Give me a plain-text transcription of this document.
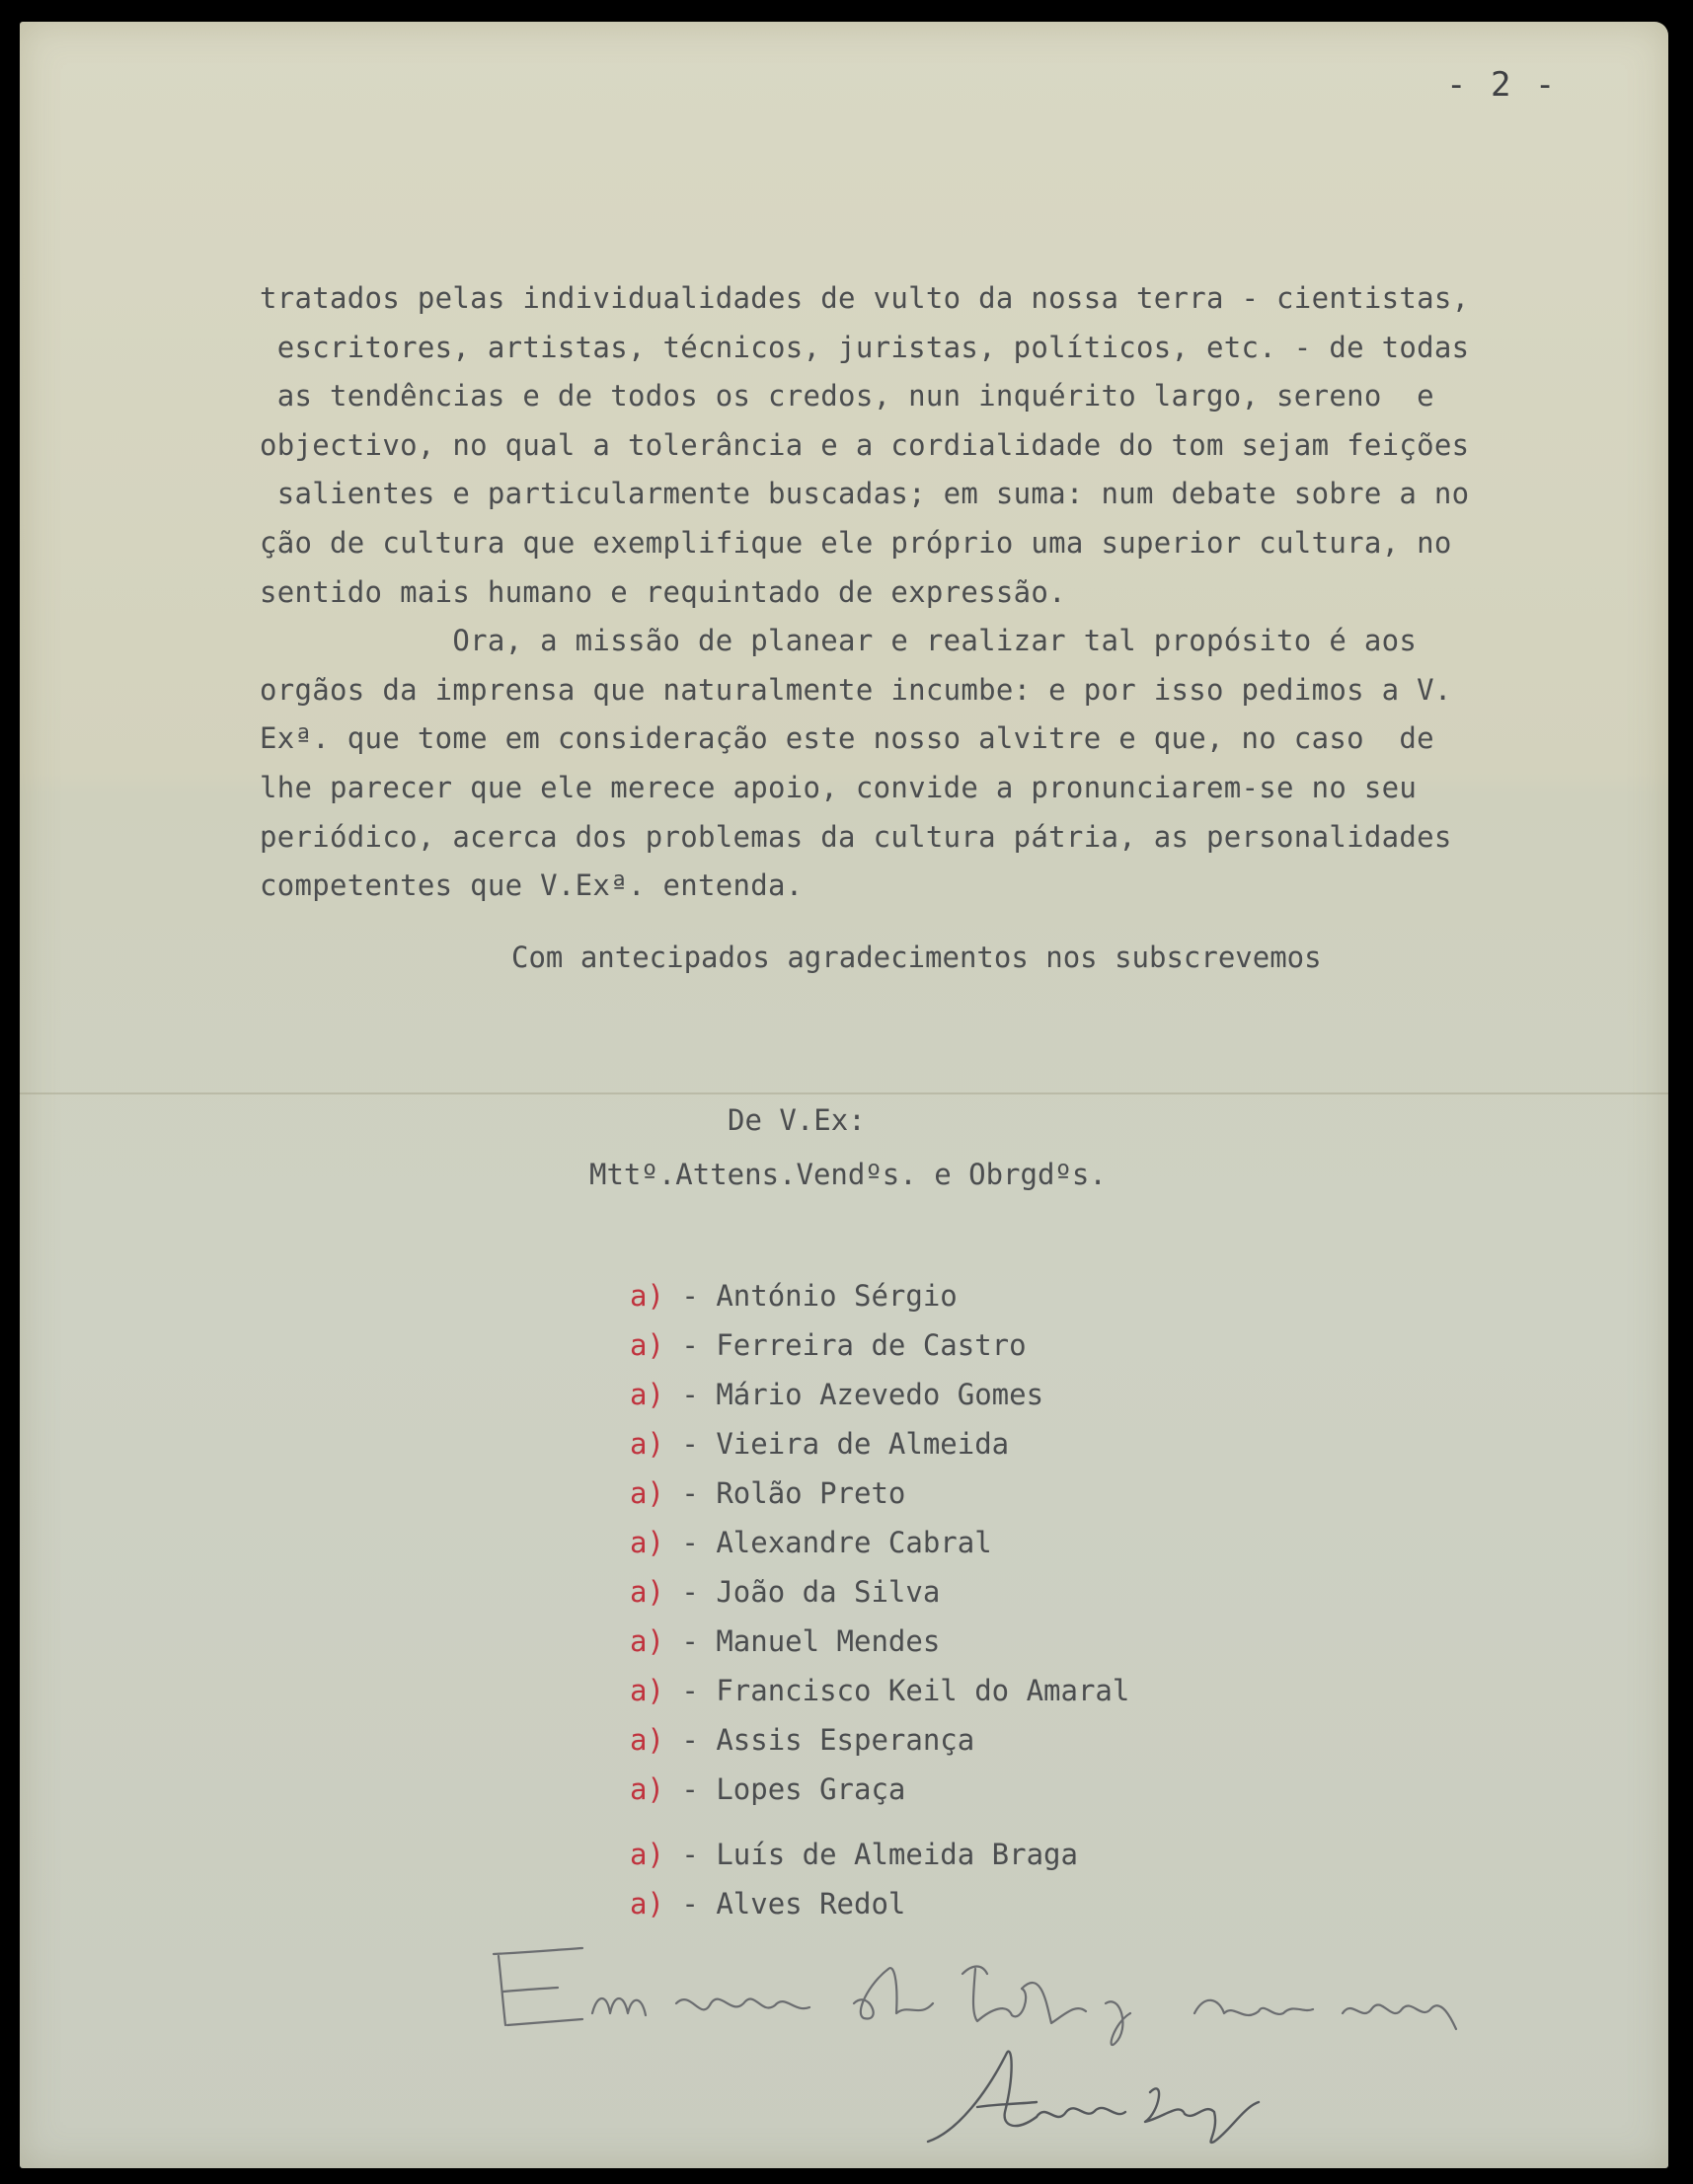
- 2 -
tratados pelas individualidades de vulto da nossa terra - cientistas,
escritores, artistas, técnicos, juristas, políticos, etc. - de todas
as tendências e de todos os credos, nun inquérito largo, sereno  e
objectivo, no qual a tolerância e a cordialidade do tom sejam feições
salientes e particularmente buscadas; em suma: num debate sobre a no
ção de cultura que exemplifique ele próprio uma superior cultura, no
sentido mais humano e requintado de expressão.
Ora, a missão de planear e realizar tal propósito é aos
orgãos da imprensa que naturalmente incumbe: e por isso pedimos a V.
Exª. que tome em consideração este nosso alvitre e que, no caso  de
lhe parecer que ele merece apoio, convide a pronunciarem-se no seu
periódico, acerca dos problemas da cultura pátria, as personalidades
competentes que V.Exª. entenda.
Com antecipados agradecimentos nos subscrevemos
De V.Ex:
Mttº.Attens.Vendºs. e Obrgdºs.
a) - António Sérgio
a) - Ferreira de Castro
a) - Mário Azevedo Gomes
a) - Vieira de Almeida
a) - Rolão Preto
a) - Alexandre Cabral
a) - João da Silva
a) - Manuel Mendes
a) - Francisco Keil do Amaral
a) - Assis Esperança
a) - Lopes Graça
a) - Luís de Almeida Braga
a) - Alves Redol
